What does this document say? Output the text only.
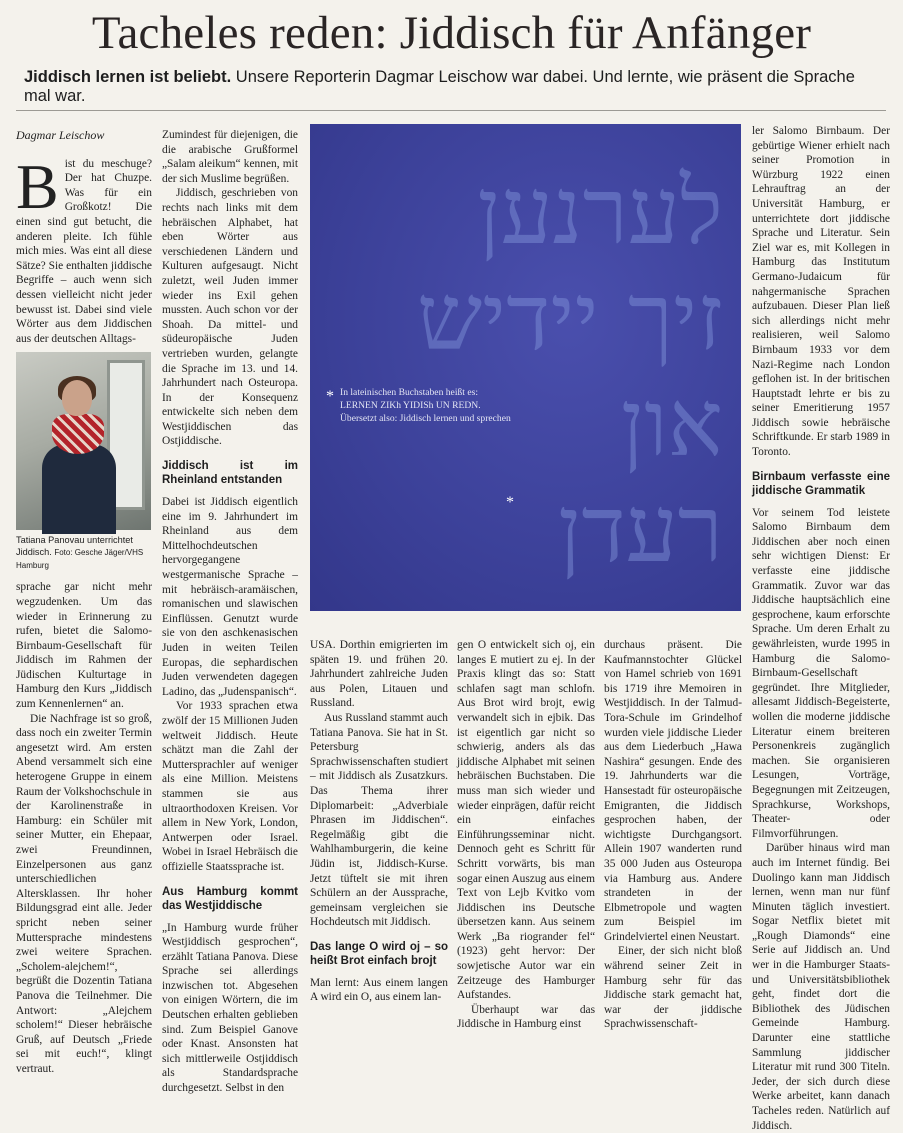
Tacheles reden: Jiddisch für Anfänger
Jiddisch lernen ist beliebt. Unsere Reporterin Dagmar Leischow war dabei. Und lernte, wie präsent die Sprache mal war.
Dagmar Leischow

Bist du meschuge? Der hat Chuzpe. Was für ein Großkotz! Die einen sind gut betucht, die anderen pleite. Ich fühle mich mies. Was eint all diese Sätze? Sie enthalten jiddische Begriffe – auch wenn sich dessen vielleicht nicht jeder bewusst ist. Dabei sind viele Wörter aus dem Jiddischen aus der deutschen Alltags-

Tatiana Panovau unterrichtet Jiddisch. Foto: Gesche Jäger/VHS Hamburg

sprache gar nicht mehr wegzudenken. Um das wieder in Erinnerung zu rufen, bietet die Salomo-Birnbaum-Gesellschaft für Jiddisch im Rahmen der Jüdischen Kulturtage in Hamburg den Kurs „Jiddisch zum Kennenlernen“ an.

Die Nachfrage ist so groß, dass noch ein zweiter Termin angesetzt wird. Am ersten Abend versammelt sich eine heterogene Gruppe in einem Raum der Volkshochschule in der Karolinenstraße in Hamburg: ein Schüler mit seiner Mutter, ein Ehepaar, zwei Freundinnen, Einzelpersonen aus ganz unterschiedlichen Altersklassen. Ihr hoher Bildungsgrad eint alle. Jeder spricht neben seiner Muttersprache mindestens zwei weitere Sprachen. „Scholem-alejchem!“, begrüßt die Dozentin Tatiana Panova die Teilnehmer. Die Antwort: „Alejchem scholem!“ Dieser hebräische Gruß, auf Deutsch „Friede sei mit euch!“, klingt vertraut.

Zumindest für diejenigen, die die arabische Grußformel „Salam aleikum“ kennen, mit der sich Muslime begrüßen.

Jiddisch, geschrieben von rechts nach links mit dem hebräischen Alphabet, hat eben Wörter aus verschiedenen Ländern und Kulturen aufgesaugt. Nicht zuletzt, weil Juden immer wieder ins Exil gehen mussten. Auch schon vor der Shoah. Da mittel- und südeuropäische Juden vertrieben wurden, gelangte die Sprache im 13. und 14. Jahrhundert nach Osteuropa. In der Konsequenz entwickelte sich neben dem Westjiddischen das Ostjiddische.

Jiddisch ist im Rheinland entstanden

Dabei ist Jiddisch eigentlich eine im 9. Jahrhundert im Rheinland aus dem Mittelhochdeutschen hervorgegangene westgermanische Sprache – mit hebräisch-aramäischen, romanischen und slawischen Einflüssen. Genutzt wurde sie von den aschkenasischen Juden in weiten Teilen Europas, die sephardischen Juden verwendeten dagegen Ladino, das „Judenspanisch“.

Vor 1933 sprachen etwa zwölf der 15 Millionen Juden weltweit Jiddisch. Heute schätzt man die Zahl der Muttersprachler auf weniger als eine Million. Meistens stammen sie aus ultraorthodoxen Kreisen. Vor allem in New York, London, Antwerpen oder Israel. Wobei in Israel Hebräisch die offizielle Staatssprache ist.

Aus Hamburg kommt das Westjiddische

„In Hamburg wurde früher Westjiddisch gesprochen“, erzählt Tatiana Panova. Diese Sprache sei allerdings inzwischen tot. Abgesehen von einigen Wörtern, die im Deutschen erhalten geblieben sind. Zum Beispiel Ganove oder Knast. Ansonsten hat sich mittlerweile Ostjiddisch als Standardsprache durchgesetzt. Selbst in den

לערנען
זיך יידיש
און
רעדן
* In lateinischen Buchstaben heißt es:
LERNEN ZIKh YIDISh UN REDN.
Übersetzt also: Jiddisch lernen und sprechen
*

USA. Dorthin emigrierten im späten 19. und frühen 20. Jahrhundert zahlreiche Juden aus Polen, Litauen und Russland.

Aus Russland stammt auch Tatiana Panova. Sie hat in St. Petersburg Sprachwissenschaften studiert – mit Jiddisch als Zusatzkurs. Das Thema ihrer Diplomarbeit: „Adverbiale Phrasen im Jiddischen“. Regelmäßig gibt die Wahlhamburgerin, die keine Jüdin ist, Jiddisch-Kurse. Jetzt tüftelt sie mit ihren Schülern an der Aussprache, gemeinsam vergleichen sie Hochdeutsch mit Jiddisch.

Das lange O wird oj – so heißt Brot einfach brojt

Man lernt: Aus einem langen A wird ein O, aus einem lan-

gen O entwickelt sich oj, ein langes E mutiert zu ej. In der Praxis klingt das so: Statt schlafen sagt man schlofn. Aus Brot wird brojt, ewig verwandelt sich in ejbik. Das ist eigentlich gar nicht so schwierig, anders als das jiddische Alphabet mit seinen hebräischen Buchstaben. Die muss man sich wieder und wieder einprägen, dafür reicht ein einfaches Einführungsseminar nicht. Dennoch geht es Schritt für Schritt vorwärts, bis man sogar einen Auszug aus einem Text von Lejb Kvitko vom Jiddischen ins Deutsche übersetzen kann. Aus seinem Werk „Ba riogrander fel“ (1923) geht hervor: Der sowjetische Autor war ein Zeitzeuge des Hamburger Aufstandes.

Überhaupt war das Jiddische in Hamburg einst

durchaus präsent. Die Kaufmannstochter Glückel von Hamel schrieb von 1691 bis 1719 ihre Memoiren in Westjiddisch. In der Talmud-Tora-Schule im Grindelhof wurden viele jiddische Lieder aus dem Liederbuch „Hawa Nashira“ gesungen. Ende des 19. Jahrhunderts war die Hansestadt für osteuropäische Emigranten, die Jiddisch gesprochen haben, der wichtigste Durchgangsort. Allein 1907 wanderten rund 35 000 Juden aus Osteuropa via Hamburg aus. Andere strandeten in der Elbmetropole und wagten zum Beispiel im Grindelviertel einen Neustart.

Einer, der sich nicht bloß während seiner Zeit in Hamburg sehr für das Jiddische stark gemacht hat, war der jiddische Sprachwissenschaft-

ler Salomo Birnbaum. Der gebürtige Wiener erhielt nach seiner Promotion in Würzburg 1922 einen Lehrauftrag an der Universität Hamburg, er unterrichtete dort jiddische Sprache und Literatur. Sein Ziel war es, mit Kollegen in Hamburg das Institutum Germano-Judaicum für nahgermanische Sprachen aufzubauen. Dieser Plan ließ sich allerdings nicht mehr realisieren, weil Salomo Birnbaum 1933 vor dem Nazi-Regime nach London geflohen ist. In der britischen Hauptstadt lehrte er bis zu seiner Emeritierung 1957 Jiddisch sowie hebräische Schriftkunde. Er starb 1989 in Toronto.

Birnbaum verfasste eine jiddische Grammatik

Vor seinem Tod leistete Salomo Birnbaum dem Jiddischen aber noch einen sehr wichtigen Dienst: Er verfasste eine jiddische Grammatik. Zuvor war das Jiddische hauptsächlich eine gesprochene, kaum erforschte Sprache. Um deren Erhalt zu gewährleisten, wurde 1995 in Hamburg die Salomo-Birnbaum-Gesellschaft gegründet. Ihre Mitglieder, allesamt Jiddisch-Begeisterte, wollen die moderne jiddische Literatur einem breiteren Personenkreis zugänglich machen. Sie organisieren Lesungen, Vorträge, Begegnungen mit Zeitzeugen, Sprachkurse, Workshops, Theater- oder Filmvorführungen.

Darüber hinaus wird man auch im Internet fündig. Bei Duolingo kann man Jiddisch lernen, wenn man nur fünf Minuten täglich investiert. Sogar Netflix bietet mit „Rough Diamonds“ eine Serie auf Jiddisch an. Und wer in die Hamburger Staats- und Universitätsbibliothek geht, findet dort die Bibliothek des Jüdischen Gemeinde Hamburg. Darunter eine stattliche Sammlung jiddischer Literatur mit rund 300 Titeln. Jeder, der sich durch diese Werke arbeitet, kann danach Tacheles reden. Natürlich auf Jiddisch.
